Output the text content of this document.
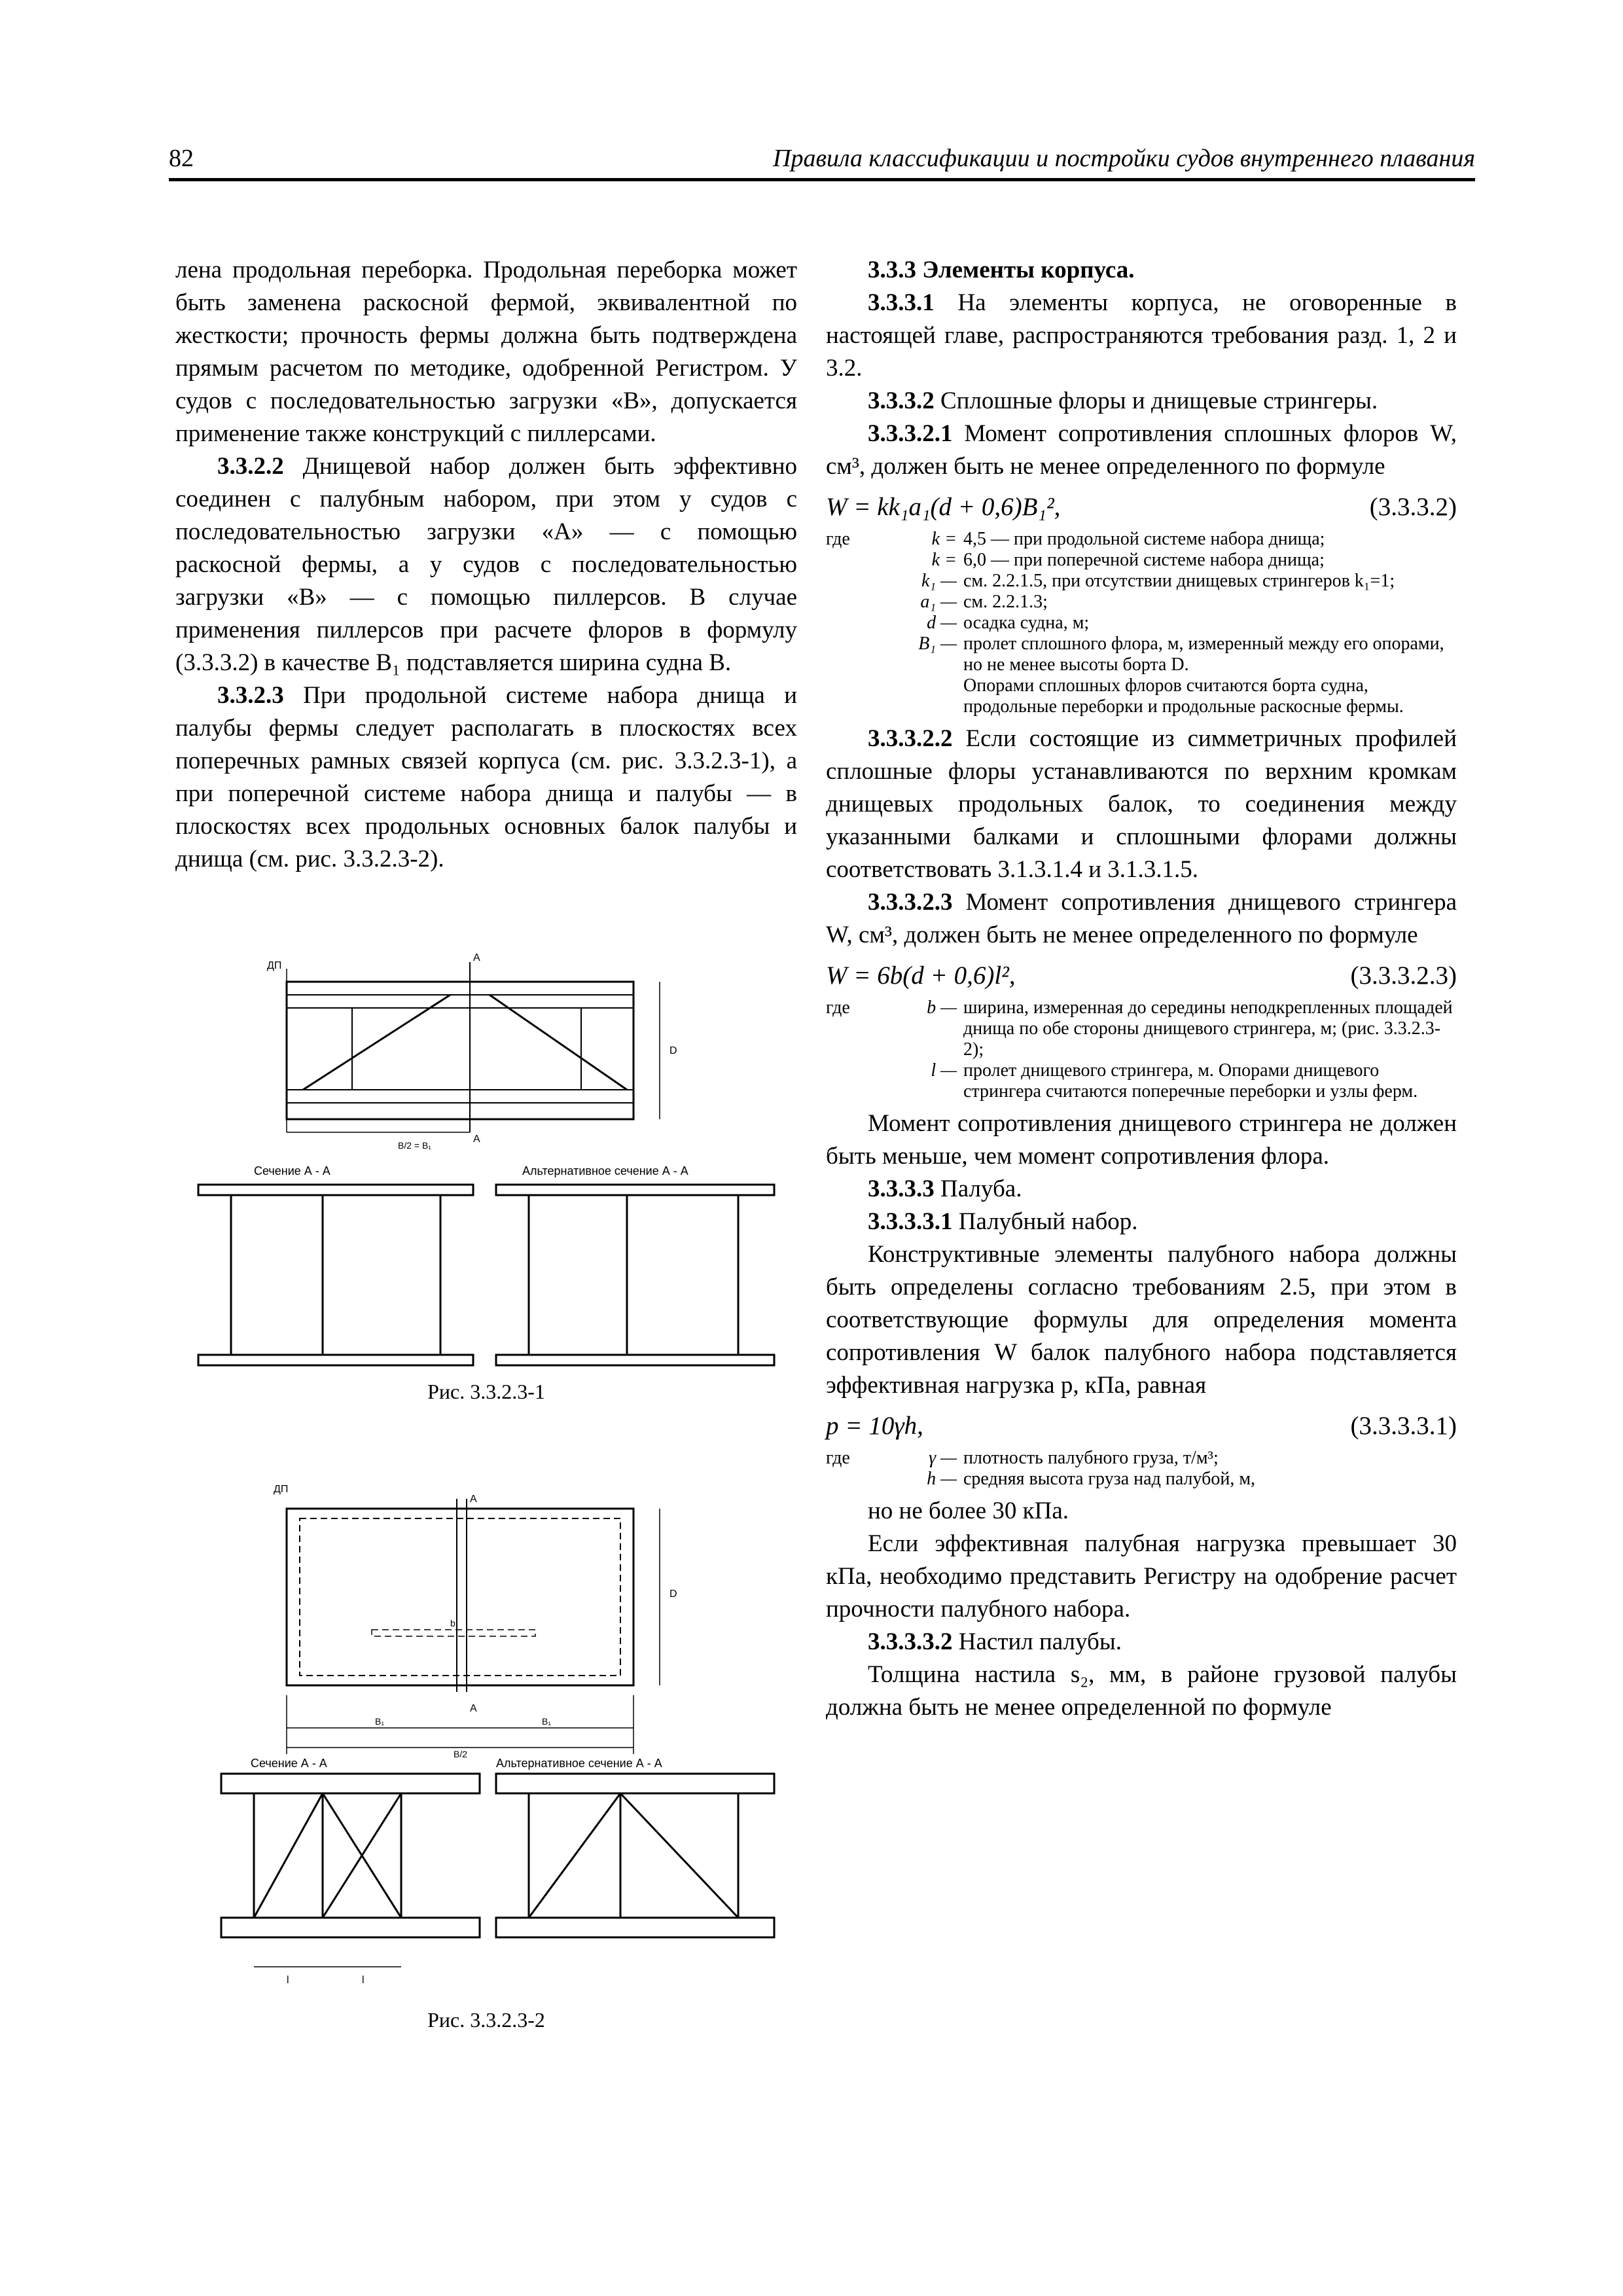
82	Правила классификации и постройки судов внутреннего плавания

лена продольная переборка. Продольная переборка может быть заменена раскосной фермой, эквивалентной по жесткости; прочность фермы должна быть подтверждена прямым расчетом по методике, одобренной Регистром. У судов с последовательностью загрузки «В», допускается применение также конструкций с пиллерсами.

3.3.2.2 Днищевой набор должен быть эффективно соединен с палубным набором, при этом у судов с последовательностью загрузки «А» — с помощью раскосной фермы, а у судов с последовательностью загрузки «В» — с помощью пиллерсов. В случае применения пиллерсов при расчете флоров в формулу (3.3.3.2) в качестве B₁ подставляется ширина судна B.

3.3.2.3 При продольной системе набора днища и палубы фермы следует располагать в плоскостях всех поперечных рамных связей корпуса (см. рис. 3.3.2.3-1), а при поперечной системе набора днища и палубы — в плоскостях всех продольных основных балок палубы и днища (см. рис. 3.3.2.3-2).

ДП
А
D
B/2 = B₁
А
Сечение А - А	Альтернативное сечение А - А
Рис. 3.3.2.3-1
ДП
А
D
b
А
B₁	B₁
B/2
Сечение А - А	Альтернативное сечение А - А
l	l
Рис. 3.3.2.3-2

3.3.3 Элементы корпуса.

3.3.3.1 На элементы корпуса, не оговоренные в настоящей главе, распространяются требования разд. 1, 2 и 3.2.

3.3.3.2 Сплошные флоры и днищевые стрингеры.

3.3.3.2.1 Момент сопротивления сплошных флоров W, см³, должен быть не менее определенного по формуле

W = kk₁a₁(d + 0,6)B₁²,	(3.3.3.2)
где	k = 4,5 — при продольной системе набора днища;
k = 6,0 — при поперечной системе набора днища;
k₁ — см. 2.2.1.5, при отсутствии днищевых стрингеров k₁=1;
a₁ — см. 2.2.1.3;
d — осадка судна, м;
B₁ — пролет сплошного флора, м, измеренный между его опорами, но не менее высоты борта D.
Опорами сплошных флоров считаются борта судна, продольные переборки и продольные раскосные фермы.

3.3.3.2.2 Если состоящие из симметричных профилей сплошные флоры устанавливаются по верхним кромкам днищевых продольных балок, то соединения между указанными балками и сплошными флорами должны соответствовать 3.1.3.1.4 и 3.1.3.1.5.

3.3.3.2.3 Момент сопротивления днищевого стрингера W, см³, должен быть не менее определенного по формуле

W = 6b(d + 0,6)l²,	(3.3.3.2.3)
где	b — ширина, измеренная до середины неподкрепленных площадей днища по обе стороны днищевого стрингера, м; (рис. 3.3.2.3-2);
l — пролет днищевого стрингера, м. Опорами днищевого стрингера считаются поперечные переборки и узлы ферм.

Момент сопротивления днищевого стрингера не должен быть меньше, чем момент сопротивления флора.

3.3.3.3 Палуба.

3.3.3.3.1 Палубный набор.

Конструктивные элементы палубного набора должны быть определены согласно требованиям 2.5, при этом в соответствующие формулы для определения момента сопротивления W балок палубного набора подставляется эффективная нагрузка p, кПа, равная

p = 10γh,	(3.3.3.3.1)
где	γ — плотность палубного груза, т/м³;
h — средняя высота груза над палубой, м,

но не более 30 кПа.

Если эффективная палубная нагрузка превышает 30 кПа, необходимо представить Регистру на одобрение расчет прочности палубного набора.

3.3.3.3.2 Настил палубы.

Толщина настила s₂, мм, в районе грузовой палубы должна быть не менее определенной по формуле
